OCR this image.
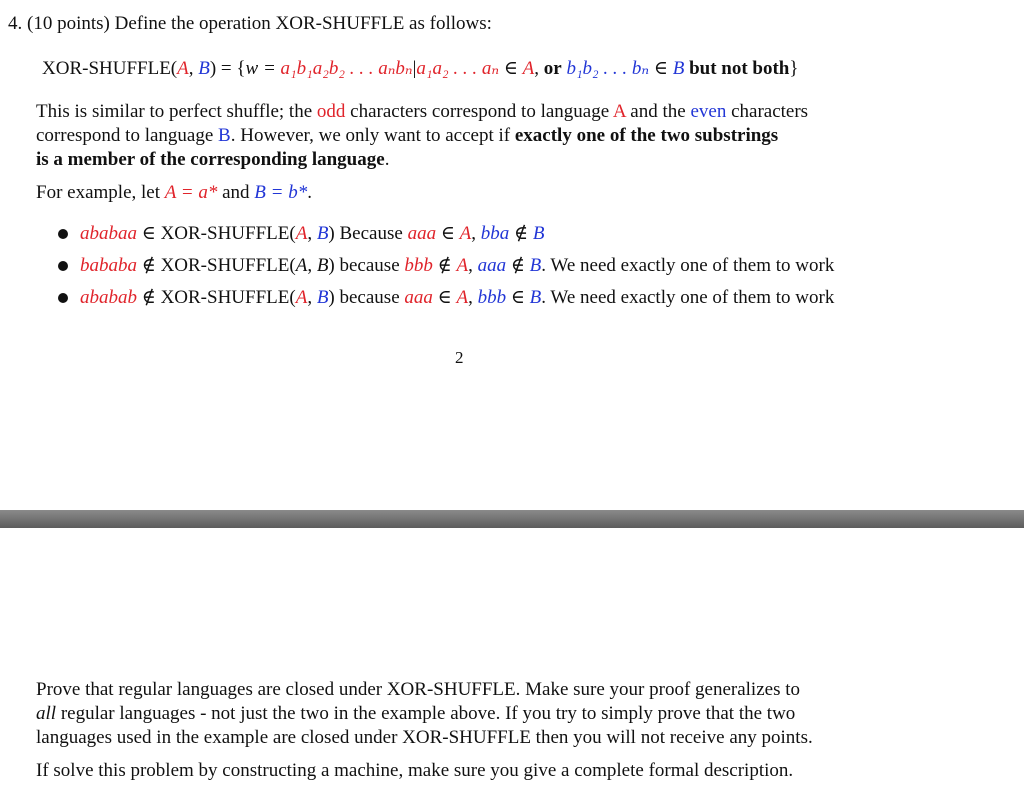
4. (10 points) Define the operation XOR-SHUFFLE as follows:
XOR-SHUFFLE(A, B) = {w = a₁b₁a₂b₂ . . . aₙbₙ|a₁a₂ . . . aₙ ∈ A, or b₁b₂ . . . bₙ ∈ B but not both}
This is similar to perfect shuffle; the odd characters correspond to language A and the even characters
correspond to language B. However, we only want to accept if exactly one of the two substrings
is a member of the corresponding language.
For example, let A = a* and B = b*.
ababaa ∈ XOR-SHUFFLE(A, B) Because aaa ∈ A, bba ∉ B
bababa ∉ XOR-SHUFFLE(A, B) because bbb ∉ A, aaa ∉ B. We need exactly one of them to work
ababab ∉ XOR-SHUFFLE(A, B) because aaa ∈ A, bbb ∈ B. We need exactly one of them to work
2
Prove that regular languages are closed under XOR-SHUFFLE. Make sure your proof generalizes to
all regular languages - not just the two in the example above. If you try to simply prove that the two
languages used in the example are closed under XOR-SHUFFLE then you will not receive any points.
If solve this problem by constructing a machine, make sure you give a complete formal description.
